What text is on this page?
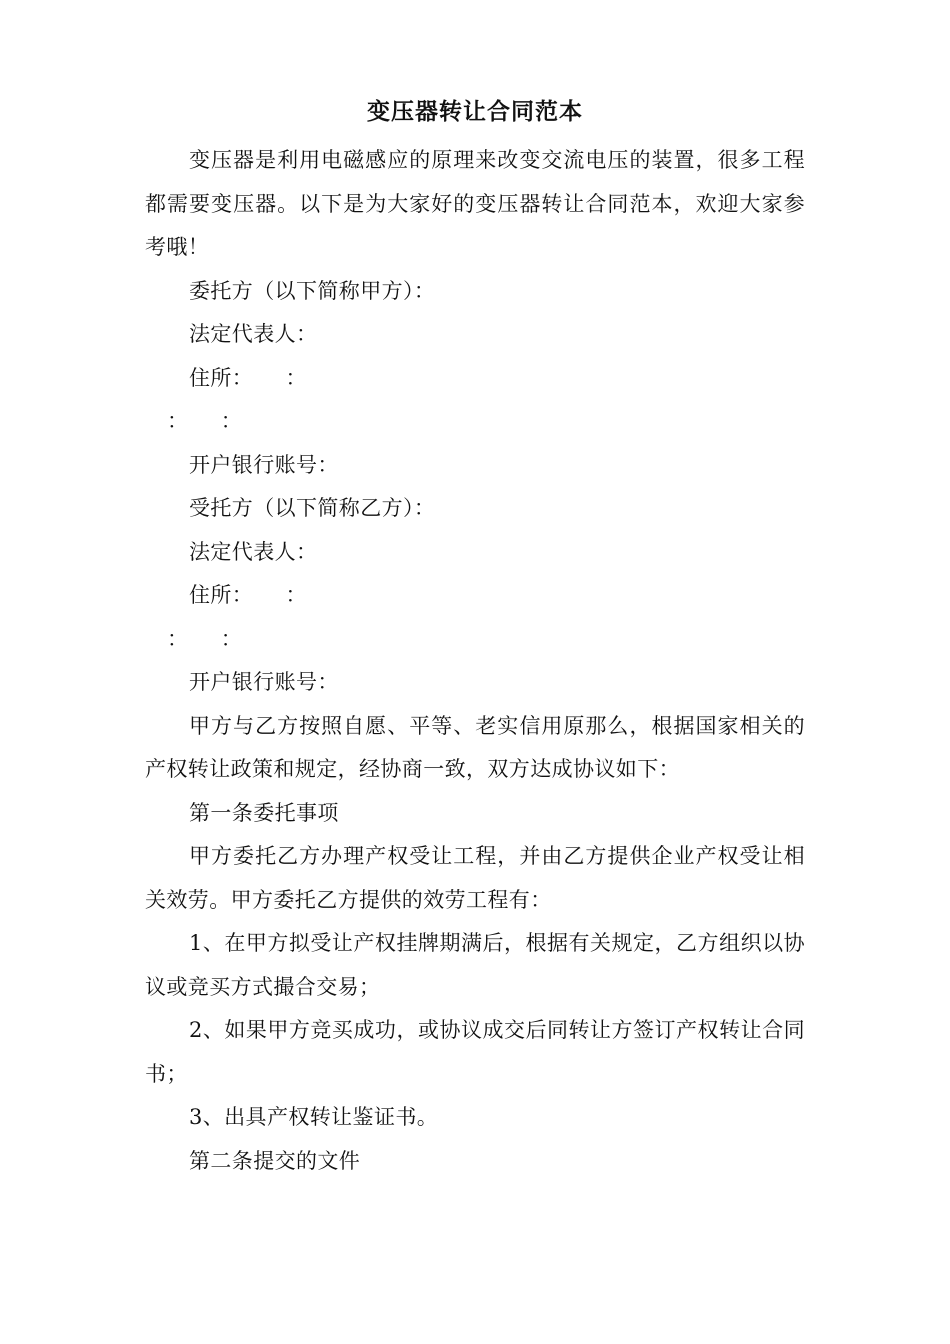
变压器转让合同范本

变压器是利用电磁感应的原理来改变交流电压的装置，很多工程都需要变压器。以下是为大家好的变压器转让合同范本，欢迎大家参考哦！

委托方（以下简称甲方）：

法定代表人：

住所：　　：

：　　：

开户银行账号：

受托方（以下简称乙方）：

法定代表人：

住所：　　：

：　　：

开户银行账号：

甲方与乙方按照自愿、平等、老实信用原那么，根据国家相关的产权转让政策和规定，经协商一致，双方达成协议如下：

第一条委托事项

甲方委托乙方办理产权受让工程，并由乙方提供企业产权受让相关效劳。甲方委托乙方提供的效劳工程有：

1、在甲方拟受让产权挂牌期满后，根据有关规定，乙方组织以协议或竞买方式撮合交易；

2、如果甲方竞买成功，或协议成交后同转让方签订产权转让合同书；

3、出具产权转让鉴证书。

第二条提交的文件
